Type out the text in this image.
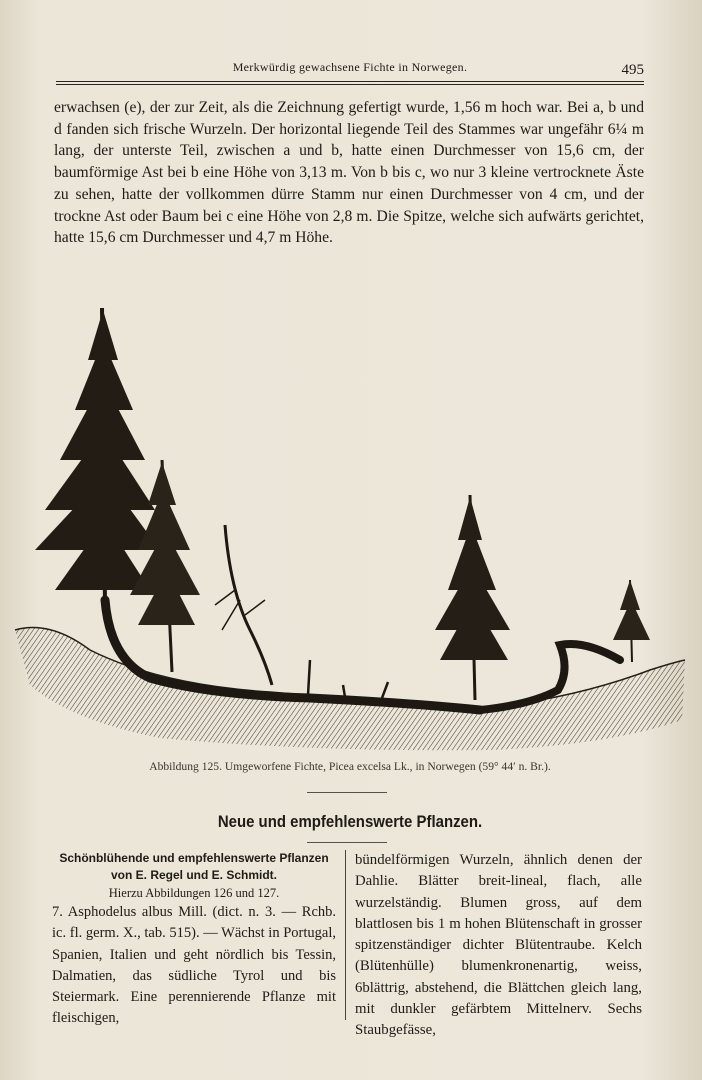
Merkwürdig gewachsene Fichte in Norwegen.	495

erwachsen (e), der zur Zeit, als die Zeichnung gefertigt wurde, 1,56 m hoch war. Bei a, b und d fanden sich frische Wurzeln. Der horizontal liegende Teil des Stammes war ungefähr 6¼ m lang, der unterste Teil, zwischen a und b, hatte einen Durchmesser von 15,6 cm, der baumförmige Ast bei b eine Höhe von 3,13 m. Von b bis c, wo nur 3 kleine vertrocknete Äste zu sehen, hatte der vollkommen dürre Stamm nur einen Durchmesser von 4 cm, und der trockne Ast oder Baum bei c eine Höhe von 2,8 m. Die Spitze, welche sich aufwärts gerichtet, hatte 15,6 cm Durchmesser und 4,7 m Höhe.

Abbildung 125. Umgeworfene Fichte, Picea excelsa Lk., in Norwegen (59° 44′ n. Br.).
Neue und empfehlenswerte Pflanzen.
Schönblühende und empfehlenswerte Pflanzen
von E. Regel und E. Schmidt.
Hierzu Abbildungen 126 und 127.

7. Asphodelus albus Mill. (dict. n. 3. — Rchb. ic. fl. germ. X., tab. 515). — Wächst in Portugal, Spanien, Italien und geht nördlich bis Tessin, Dalmatien, das südliche Tyrol und bis Steiermark. Eine perennierende Pflanze mit fleischigen,

bündelförmigen Wurzeln, ähnlich denen der Dahlie. Blätter breit-lineal, flach, alle wurzelständig. Blumen gross, auf dem blattlosen bis 1 m hohen Blütenschaft in grosser spitzenständiger dichter Blütentraube. Kelch (Blütenhülle) blumenkronenartig, weiss, 6blättrig, abstehend, die Blättchen gleich lang, mit dunkler gefärbtem Mittelnerv. Sechs Staubgefässe,
